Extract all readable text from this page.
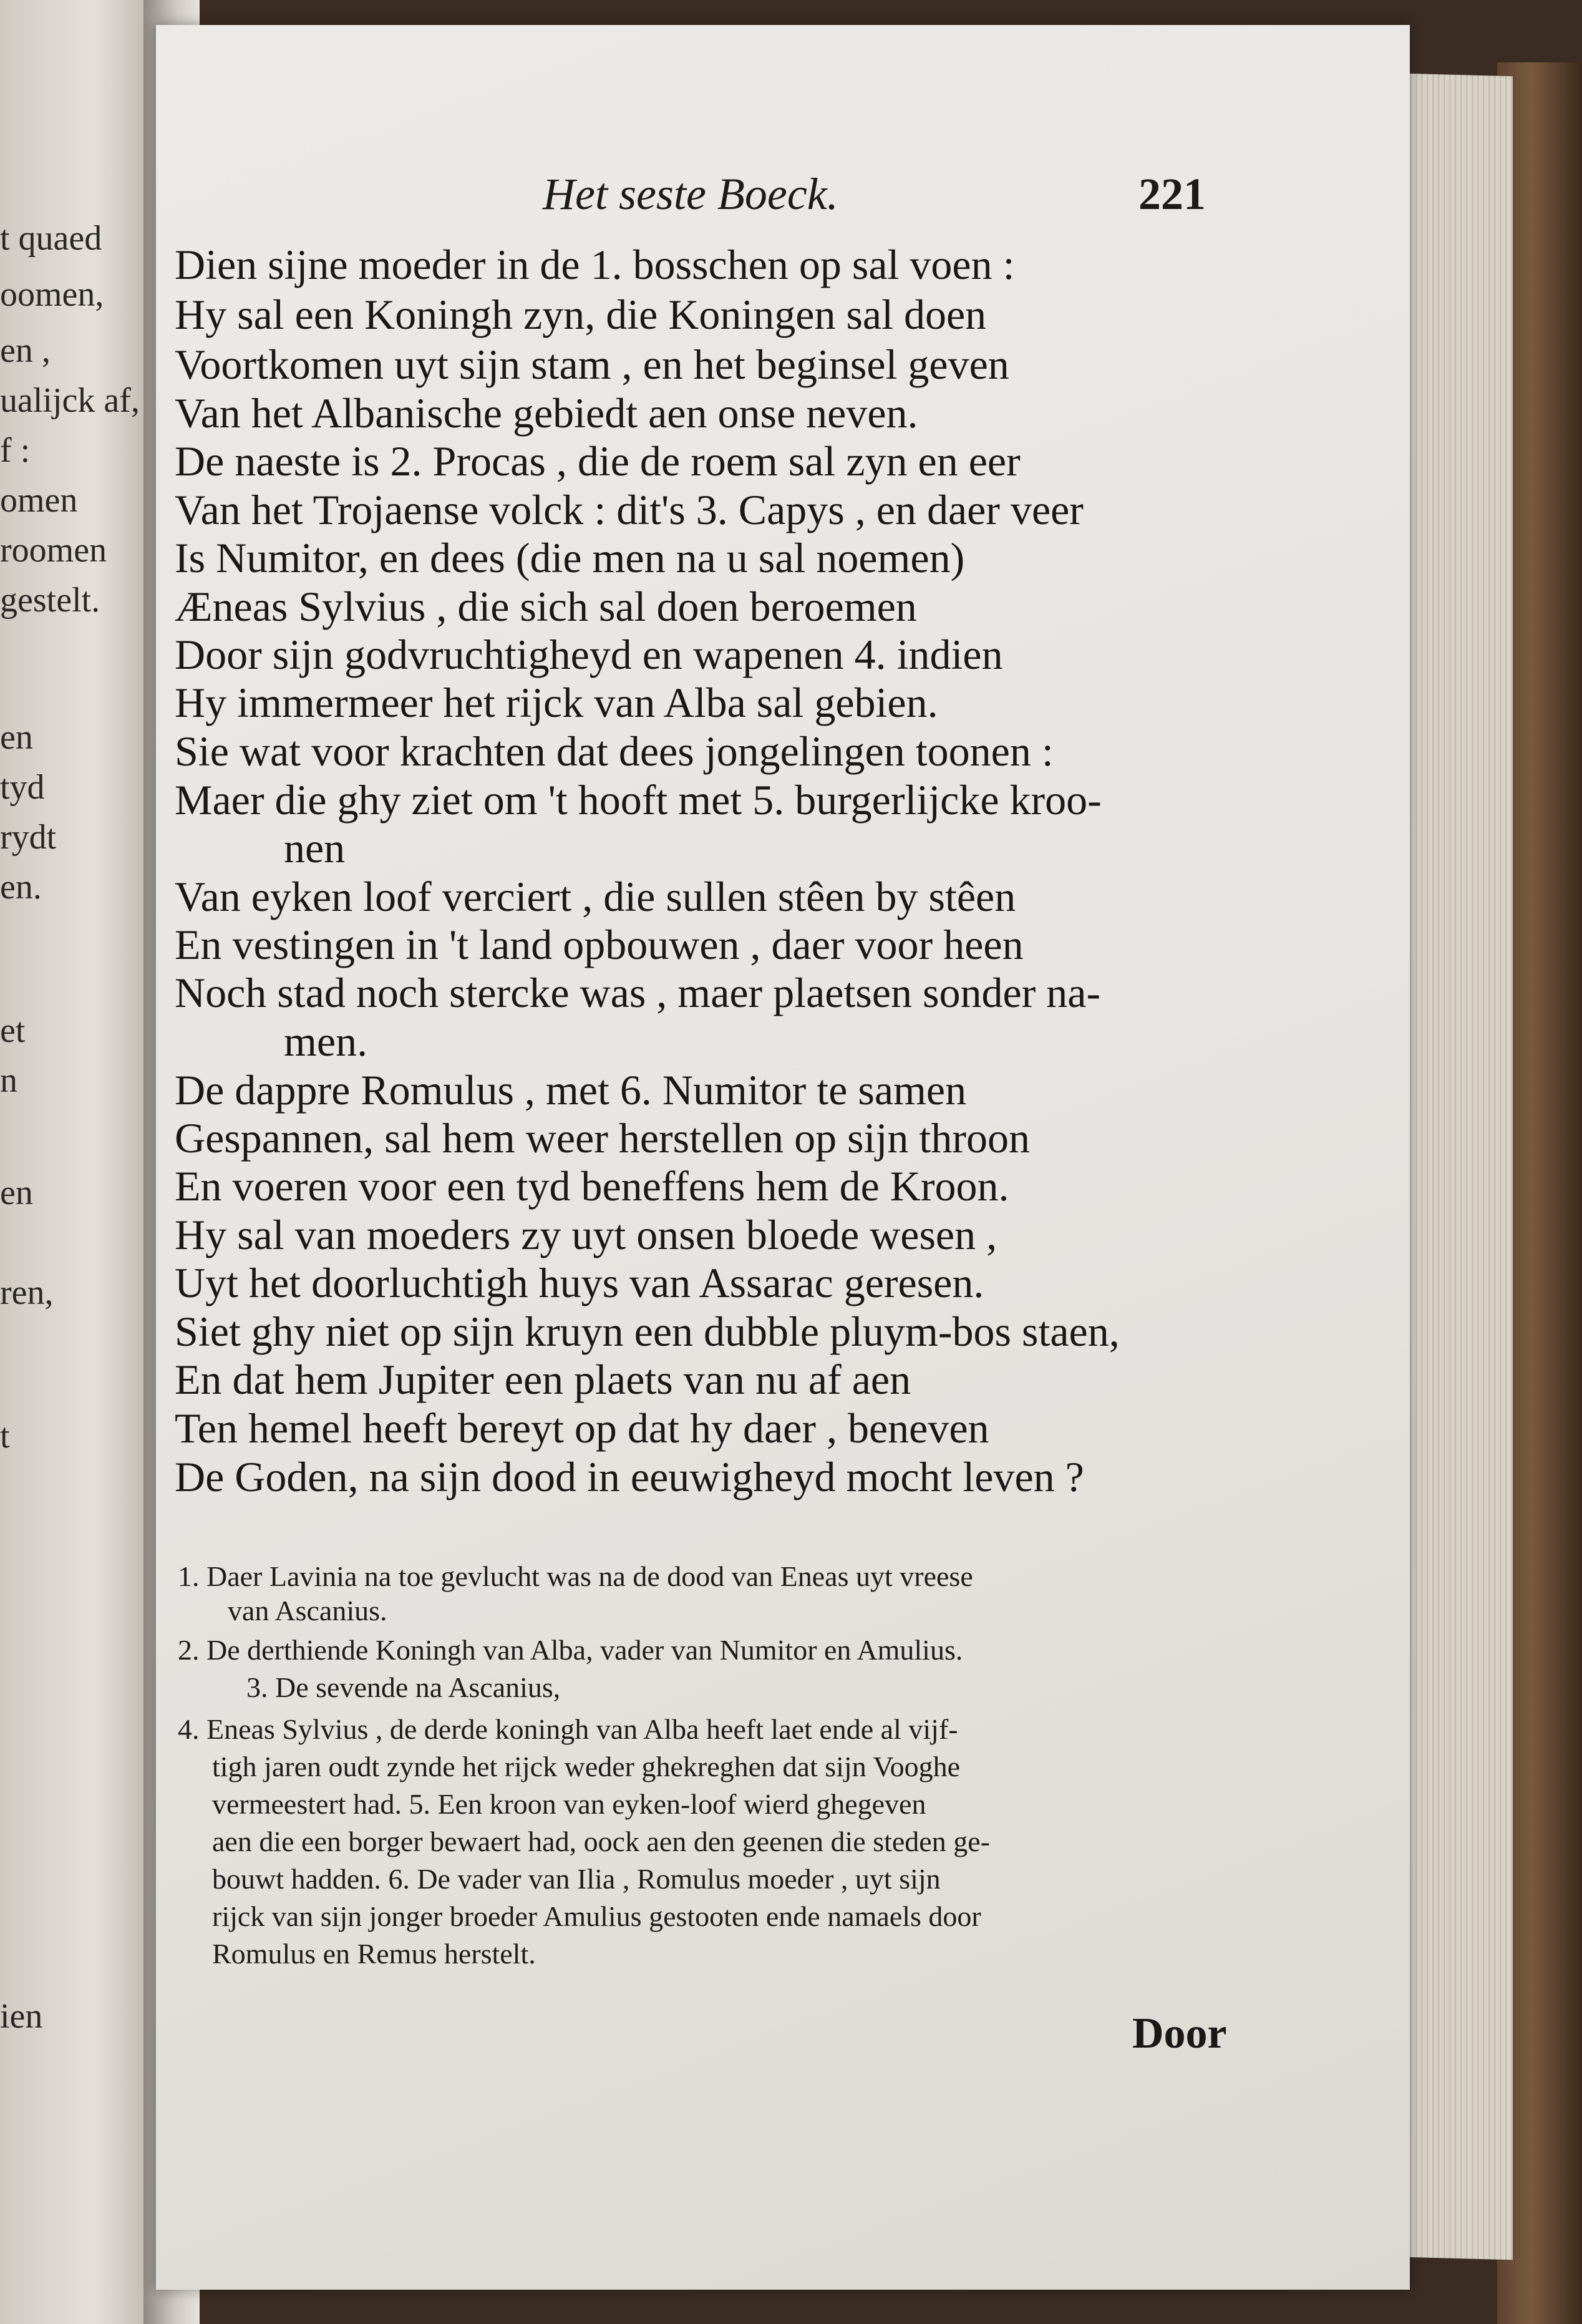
t quaed
oomen,
en ,
ualijck af,
f :
omen
roomen
gestelt.
en
tyd
rydt
en.
et
n
en
ren,
t
ien
Het seste Boeck.	221
Dien sijne moeder in de 1. bosschen op sal voen :
Hy sal een Koningh zyn, die Koningen sal doen
Voortkomen uyt sijn stam , en het beginsel geven
Van het Albanische gebiedt aen onse neven.
De naeste is 2. Procas , die de roem sal zyn en eer
Van het Trojaense volck : dit's 3. Capys , en daer veer
Is Numitor, en dees (die men na u sal noemen)
Æneas Sylvius , die sich sal doen beroemen
Door sijn godvruchtigheyd en wapenen 4. indien
Hy immermeer het rijck van Alba sal gebien.
Sie wat voor krachten dat dees jongelingen toonen :
Maer die ghy ziet om 't hooft met 5. burgerlijcke kroo-
nen
Van eyken loof verciert , die sullen stêen by stêen
En vestingen in 't land opbouwen , daer voor heen
Noch stad noch stercke was , maer plaetsen sonder na-
men.
De dappre Romulus , met 6. Numitor te samen
Gespannen, sal hem weer herstellen op sijn throon
En voeren voor een tyd beneffens hem de Kroon.
Hy sal van moeders zy uyt onsen bloede wesen ,
Uyt het doorluchtigh huys van Assarac geresen.
Siet ghy niet op sijn kruyn een dubble pluym-bos staen,
En dat hem Jupiter een plaets van nu af aen
Ten hemel heeft bereyt op dat hy daer , beneven
De Goden, na sijn dood in eeuwigheyd mocht leven ?
1. Daer Lavinia na toe gevlucht was na de dood van Eneas uyt vreese
van Ascanius.
2. De derthiende Koningh van Alba, vader van Numitor en Amulius.
3. De sevende na Ascanius,
4. Eneas Sylvius , de derde koningh van Alba heeft laet ende al vijf-
tigh jaren oudt zynde het rijck weder ghekreghen dat sijn Vooghe
vermeestert had. 5. Een kroon van eyken-loof wierd ghegeven
aen die een borger bewaert had, oock aen den geenen die steden ge-
bouwt hadden. 6. De vader van Ilia , Romulus moeder , uyt sijn
rijck van sijn jonger broeder Amulius gestooten ende namaels door
Romulus en Remus herstelt.
Door
